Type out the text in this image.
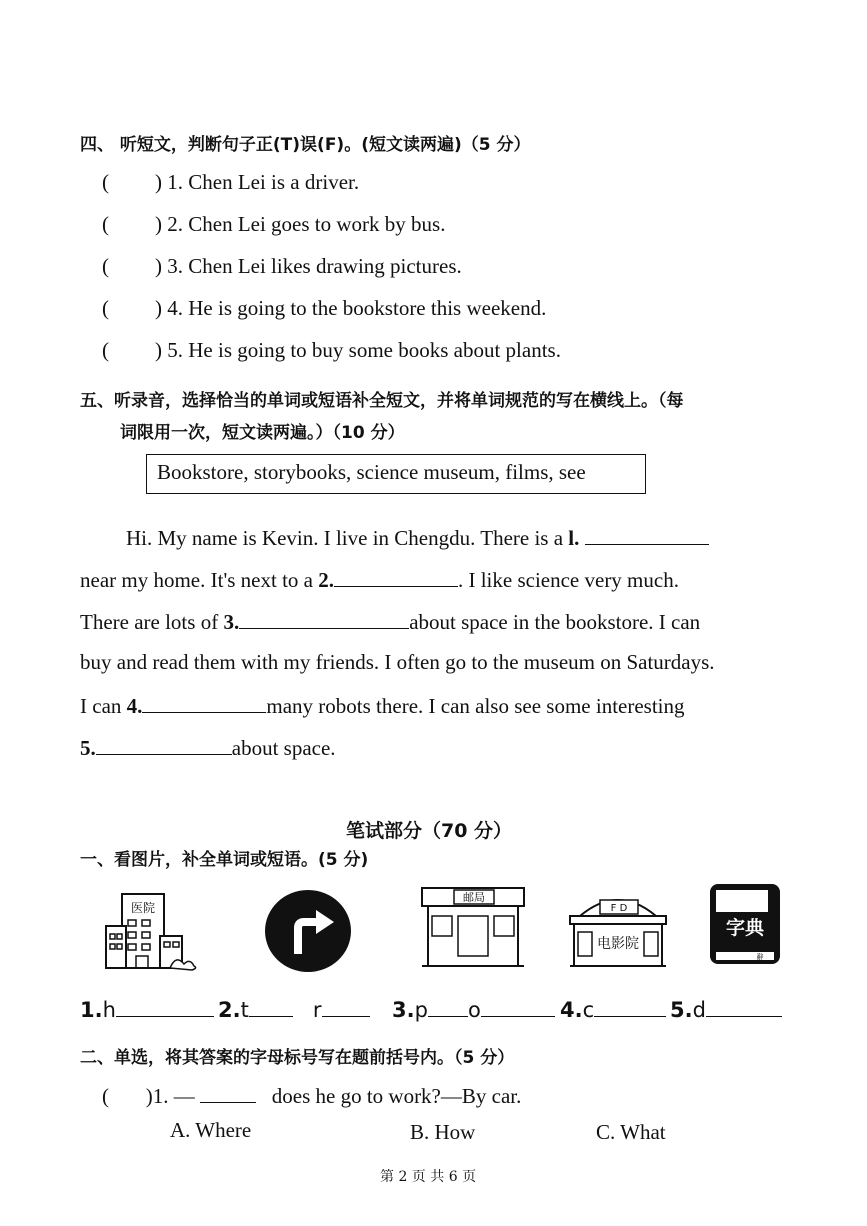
四、 听短文，判断句子正(T)误(F)。(短文读两遍)（5 分）
( ) 1. Chen Lei is a driver.
( ) 2. Chen Lei goes to work by bus.
( ) 3. Chen Lei likes drawing pictures.
( ) 4. He is going to the bookstore this weekend.
( ) 5. He is going to buy some books about plants.
五、听录音，选择恰当的单词或短语补全短文，并将单词规范的写在横线上。（每
词限用一次，短文读两遍。）（10 分）
Bookstore, storybooks, science museum, films, see
Hi. My name is Kevin. I live in Chengdu. There is a l.
near my home. It's next to a 2.	. I like science very much.
There are lots of 3.	about space in the bookstore. I can
buy and read them with my friends. I often go to the museum on Saturdays.
I can 4.	many robots there. I can also see some interesting
5.	about space.
笔试部分（70 分）
一、看图片，补全单词或短语。(5 分)
医院
邮局
F D
电影院
字典
辭
1.h	2.t	r	3.p o	4.c	5.d
二、单选，将其答案的字母标号写在题前括号内。（5 分）
(       )1. —	does he go to work?—By car.
A. Where	B. How	C. What
第 2 页 共 6 页
